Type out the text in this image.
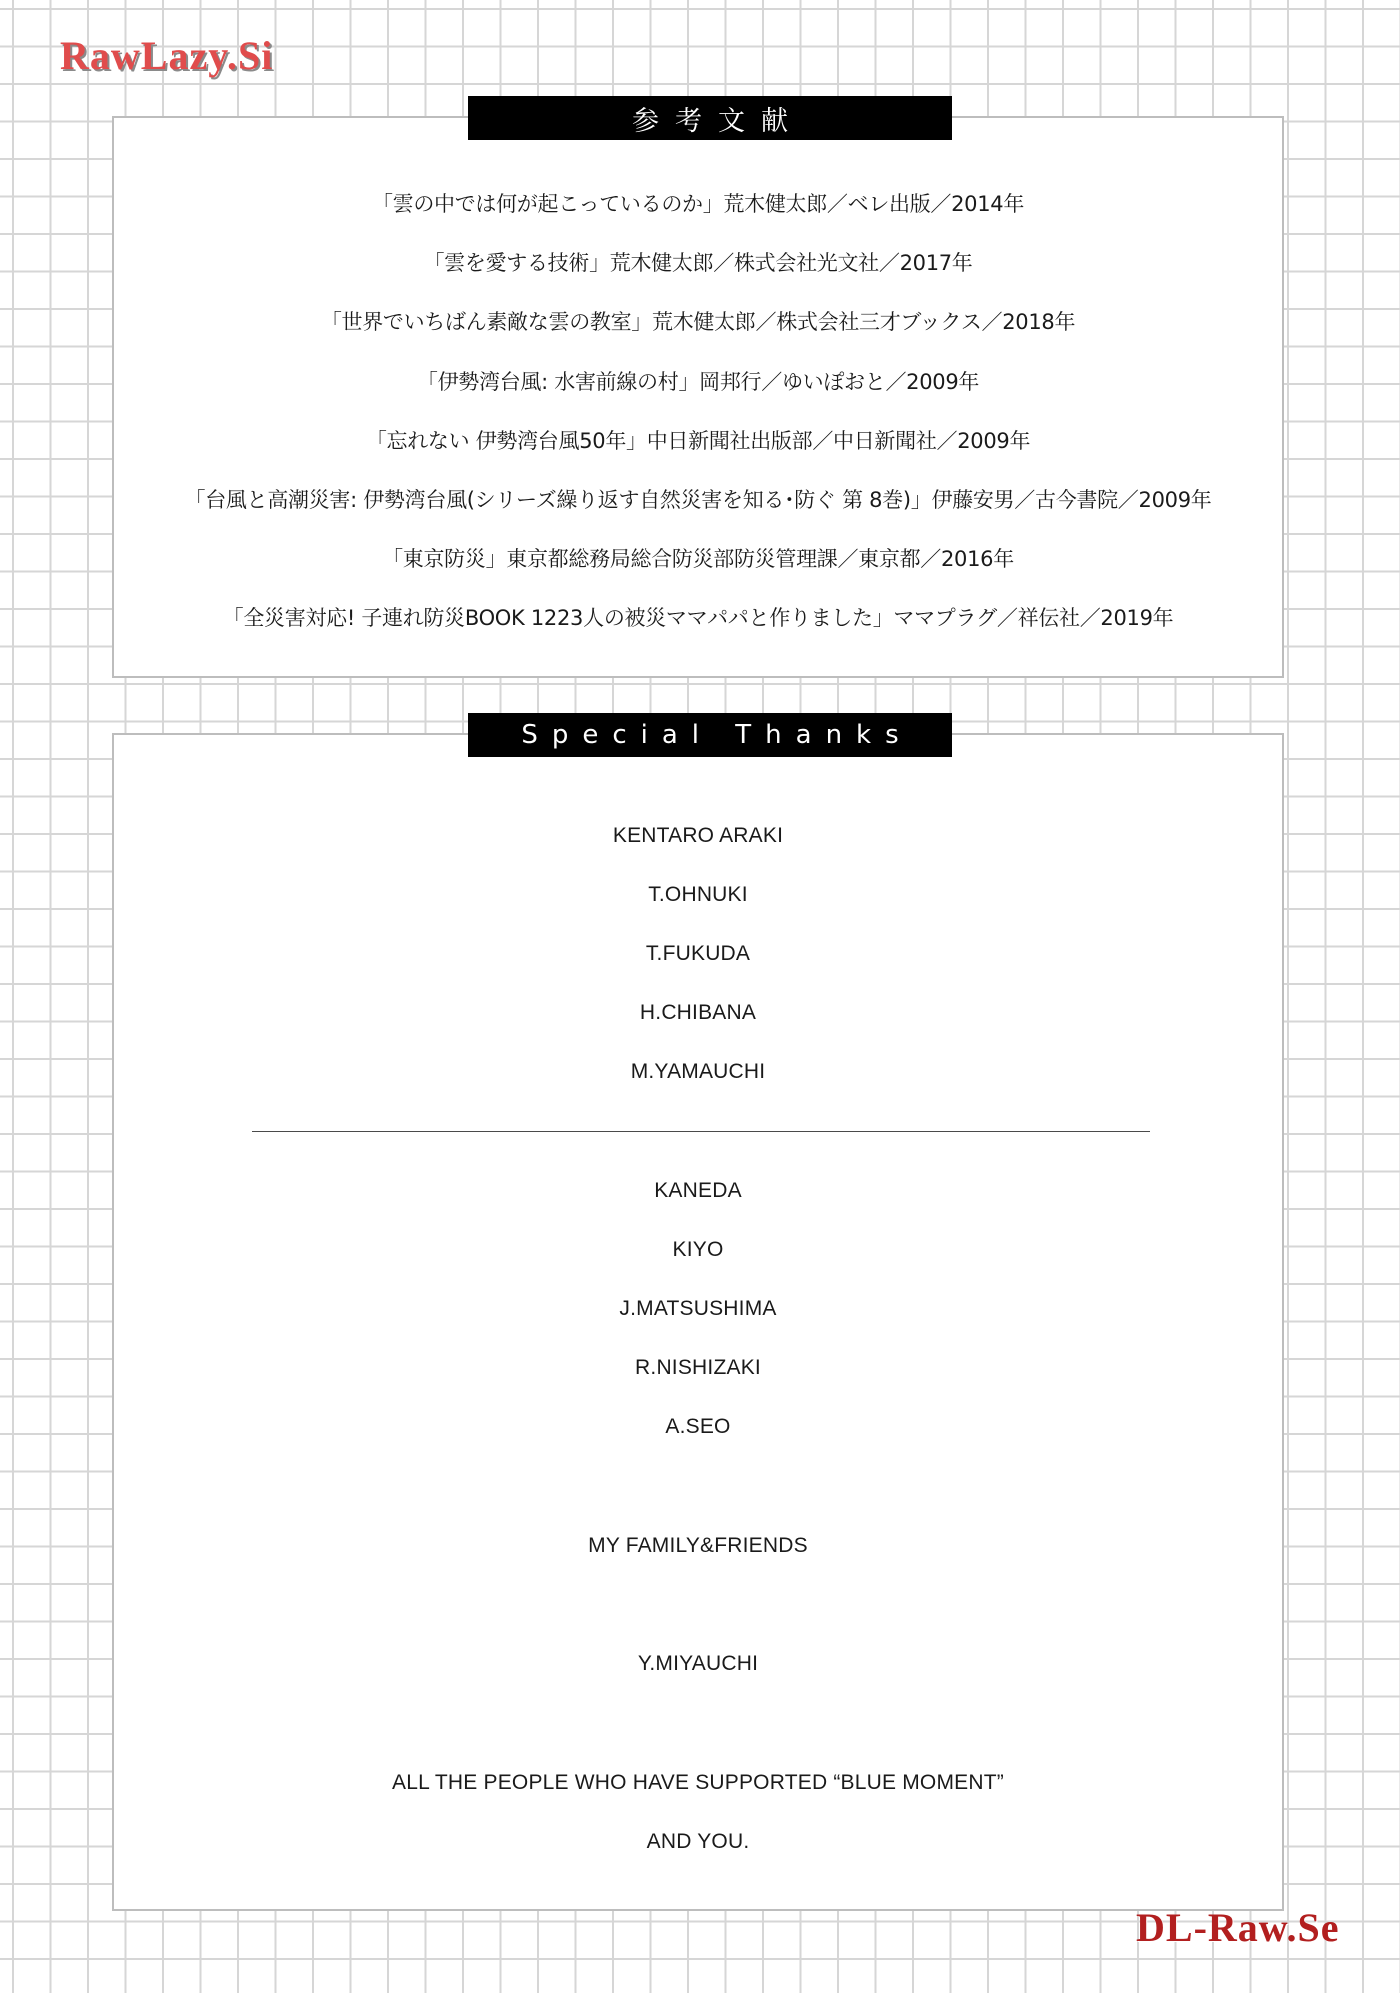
RawLazy.Si
参考文献
「雲の中では何が起こっているのか」荒木健太郎／ベレ出版／2014年
「雲を愛する技術」荒木健太郎／株式会社光文社／2017年
「世界でいちばん素敵な雲の教室」荒木健太郎／株式会社三才ブックス／2018年
「伊勢湾台風: 水害前線の村」岡邦行／ゆいぽおと／2009年
「忘れない 伊勢湾台風50年」中日新聞社出版部／中日新聞社／2009年
「台風と高潮災害: 伊勢湾台風(シリーズ繰り返す自然災害を知る･防ぐ 第 8巻)」伊藤安男／古今書院／2009年
「東京防災」東京都総務局総合防災部防災管理課／東京都／2016年
「全災害対応! 子連れ防災BOOK 1223人の被災ママパパと作りました」ママプラグ／祥伝社／2019年
Special Thanks
KENTARO ARAKI
T.OHNUKI
T.FUKUDA
H.CHIBANA
M.YAMAUCHI
KANEDA
KIYO
J.MATSUSHIMA
R.NISHIZAKI
A.SEO
MY FAMILY&FRIENDS
Y.MIYAUCHI
ALL THE PEOPLE WHO HAVE SUPPORTED “BLUE MOMENT”
AND YOU.
DL-Raw.Se
